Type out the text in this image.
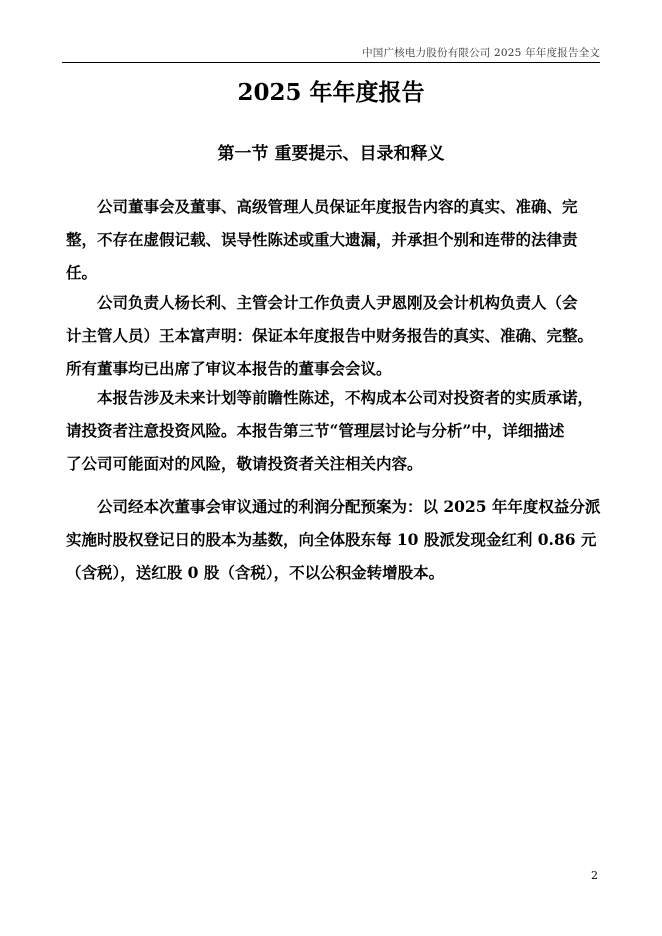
中国广核电力股份有限公司 2025 年年度报告全文
2025 年年度报告
第一节 重要提示、目录和释义
公司董事会及董事、高级管理人员保证年度报告内容的真实、准确、完
整，不存在虚假记载、误导性陈述或重大遗漏，并承担个别和连带的法律责
任。
公司负责人杨长利、主管会计工作负责人尹恩刚及会计机构负责人（会
计主管人员）王本富声明：保证本年度报告中财务报告的真实、准确、完整。
所有董事均已出席了审议本报告的董事会会议。
本报告涉及未来计划等前瞻性陈述，不构成本公司对投资者的实质承诺，
请投资者注意投资风险。本报告第三节“管理层讨论与分析”中，详细描述
了公司可能面对的风险，敬请投资者关注相关内容。
公司经本次董事会审议通过的利润分配预案为：以 2025 年年度权益分派
实施时股权登记日的股本为基数，向全体股东每 10 股派发现金红利 0.86 元
（含税），送红股 0 股（含税），不以公积金转增股本。
2
